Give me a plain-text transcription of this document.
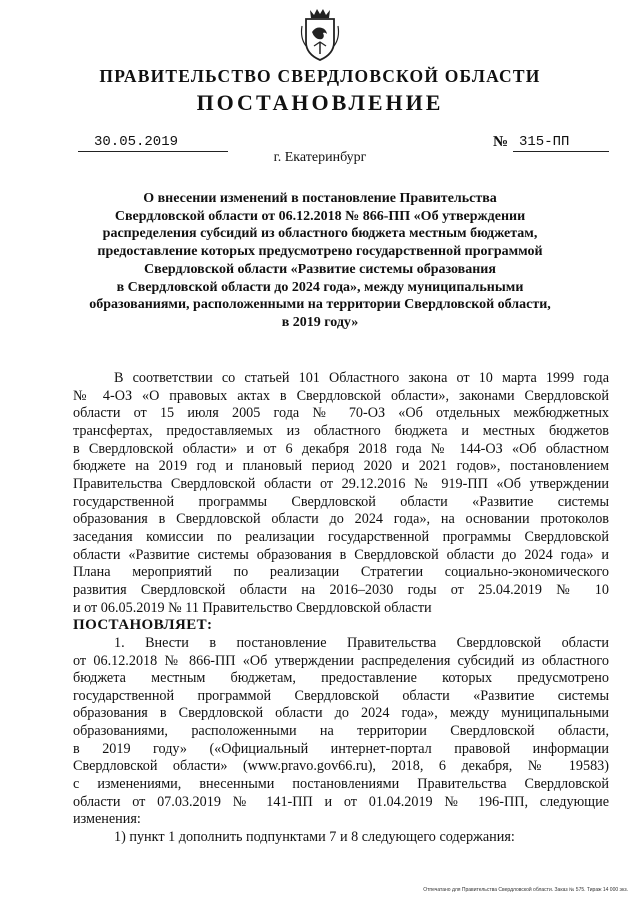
ПРАВИТЕЛЬСТВО СВЕРДЛОВСКОЙ ОБЛАСТИ
ПОСТАНОВЛЕНИЕ
30.05.2019	№ 315-ПП
г. Екатеринбург
О внесении изменений в постановление Правительства
Свердловской области от 06.12.2018 № 866-ПП «Об утверждении
распределения субсидий из областного бюджета местным бюджетам,
предоставление которых предусмотрено государственной программой
Свердловской области «Развитие системы образования
в Свердловской области до 2024 года», между муниципальными
образованиями, расположенными на территории Свердловской области,
в 2019 году»
В соответствии со статьей 101 Областного закона от 10 марта 1999 года
№ 4-ОЗ «О правовых актах в Свердловской области», законами Свердловской
области от 15 июля 2005 года № 70-ОЗ «Об отдельных межбюджетных
трансфертах, предоставляемых из областного бюджета и местных бюджетов
в Свердловской области» и от 6 декабря 2018 года № 144-ОЗ «Об областном
бюджете на 2019 год и плановый период 2020 и 2021 годов», постановлением
Правительства Свердловской области от 29.12.2016 № 919-ПП «Об утверждении
государственной программы Свердловской области «Развитие системы
образования в Свердловской области до 2024 года», на основании протоколов
заседания комиссии по реализации государственной программы Свердловской
области «Развитие системы образования в Свердловской области до 2024 года» и
Плана мероприятий по реализации Стратегии социально-экономического
развития Свердловской области на 2016–2030 годы от 25.04.2019 № 10
и от 06.05.2019 № 11 Правительство Свердловской области
ПОСТАНОВЛЯЕТ:
1. Внести в постановление Правительства Свердловской области
от 06.12.2018 № 866-ПП «Об утверждении распределения субсидий из областного
бюджета местным бюджетам, предоставление которых предусмотрено
государственной программой Свердловской области «Развитие системы
образования в Свердловской области до 2024 года», между муниципальными
образованиями, расположенными на территории Свердловской области,
в 2019 году» («Официальный интернет-портал правовой информации
Свердловской области» (www.pravo.gov66.ru), 2018, 6 декабря, № 19583)
с изменениями, внесенными постановлениями Правительства Свердловской
области от 07.03.2019 № 141-ПП и от 01.04.2019 № 196-ПП, следующие
изменения:
1) пункт 1 дополнить подпунктами 7 и 8 следующего содержания:
Отпечатано для Правительства Свердловской области. Заказ № 575. Тираж 14 000 экз.
